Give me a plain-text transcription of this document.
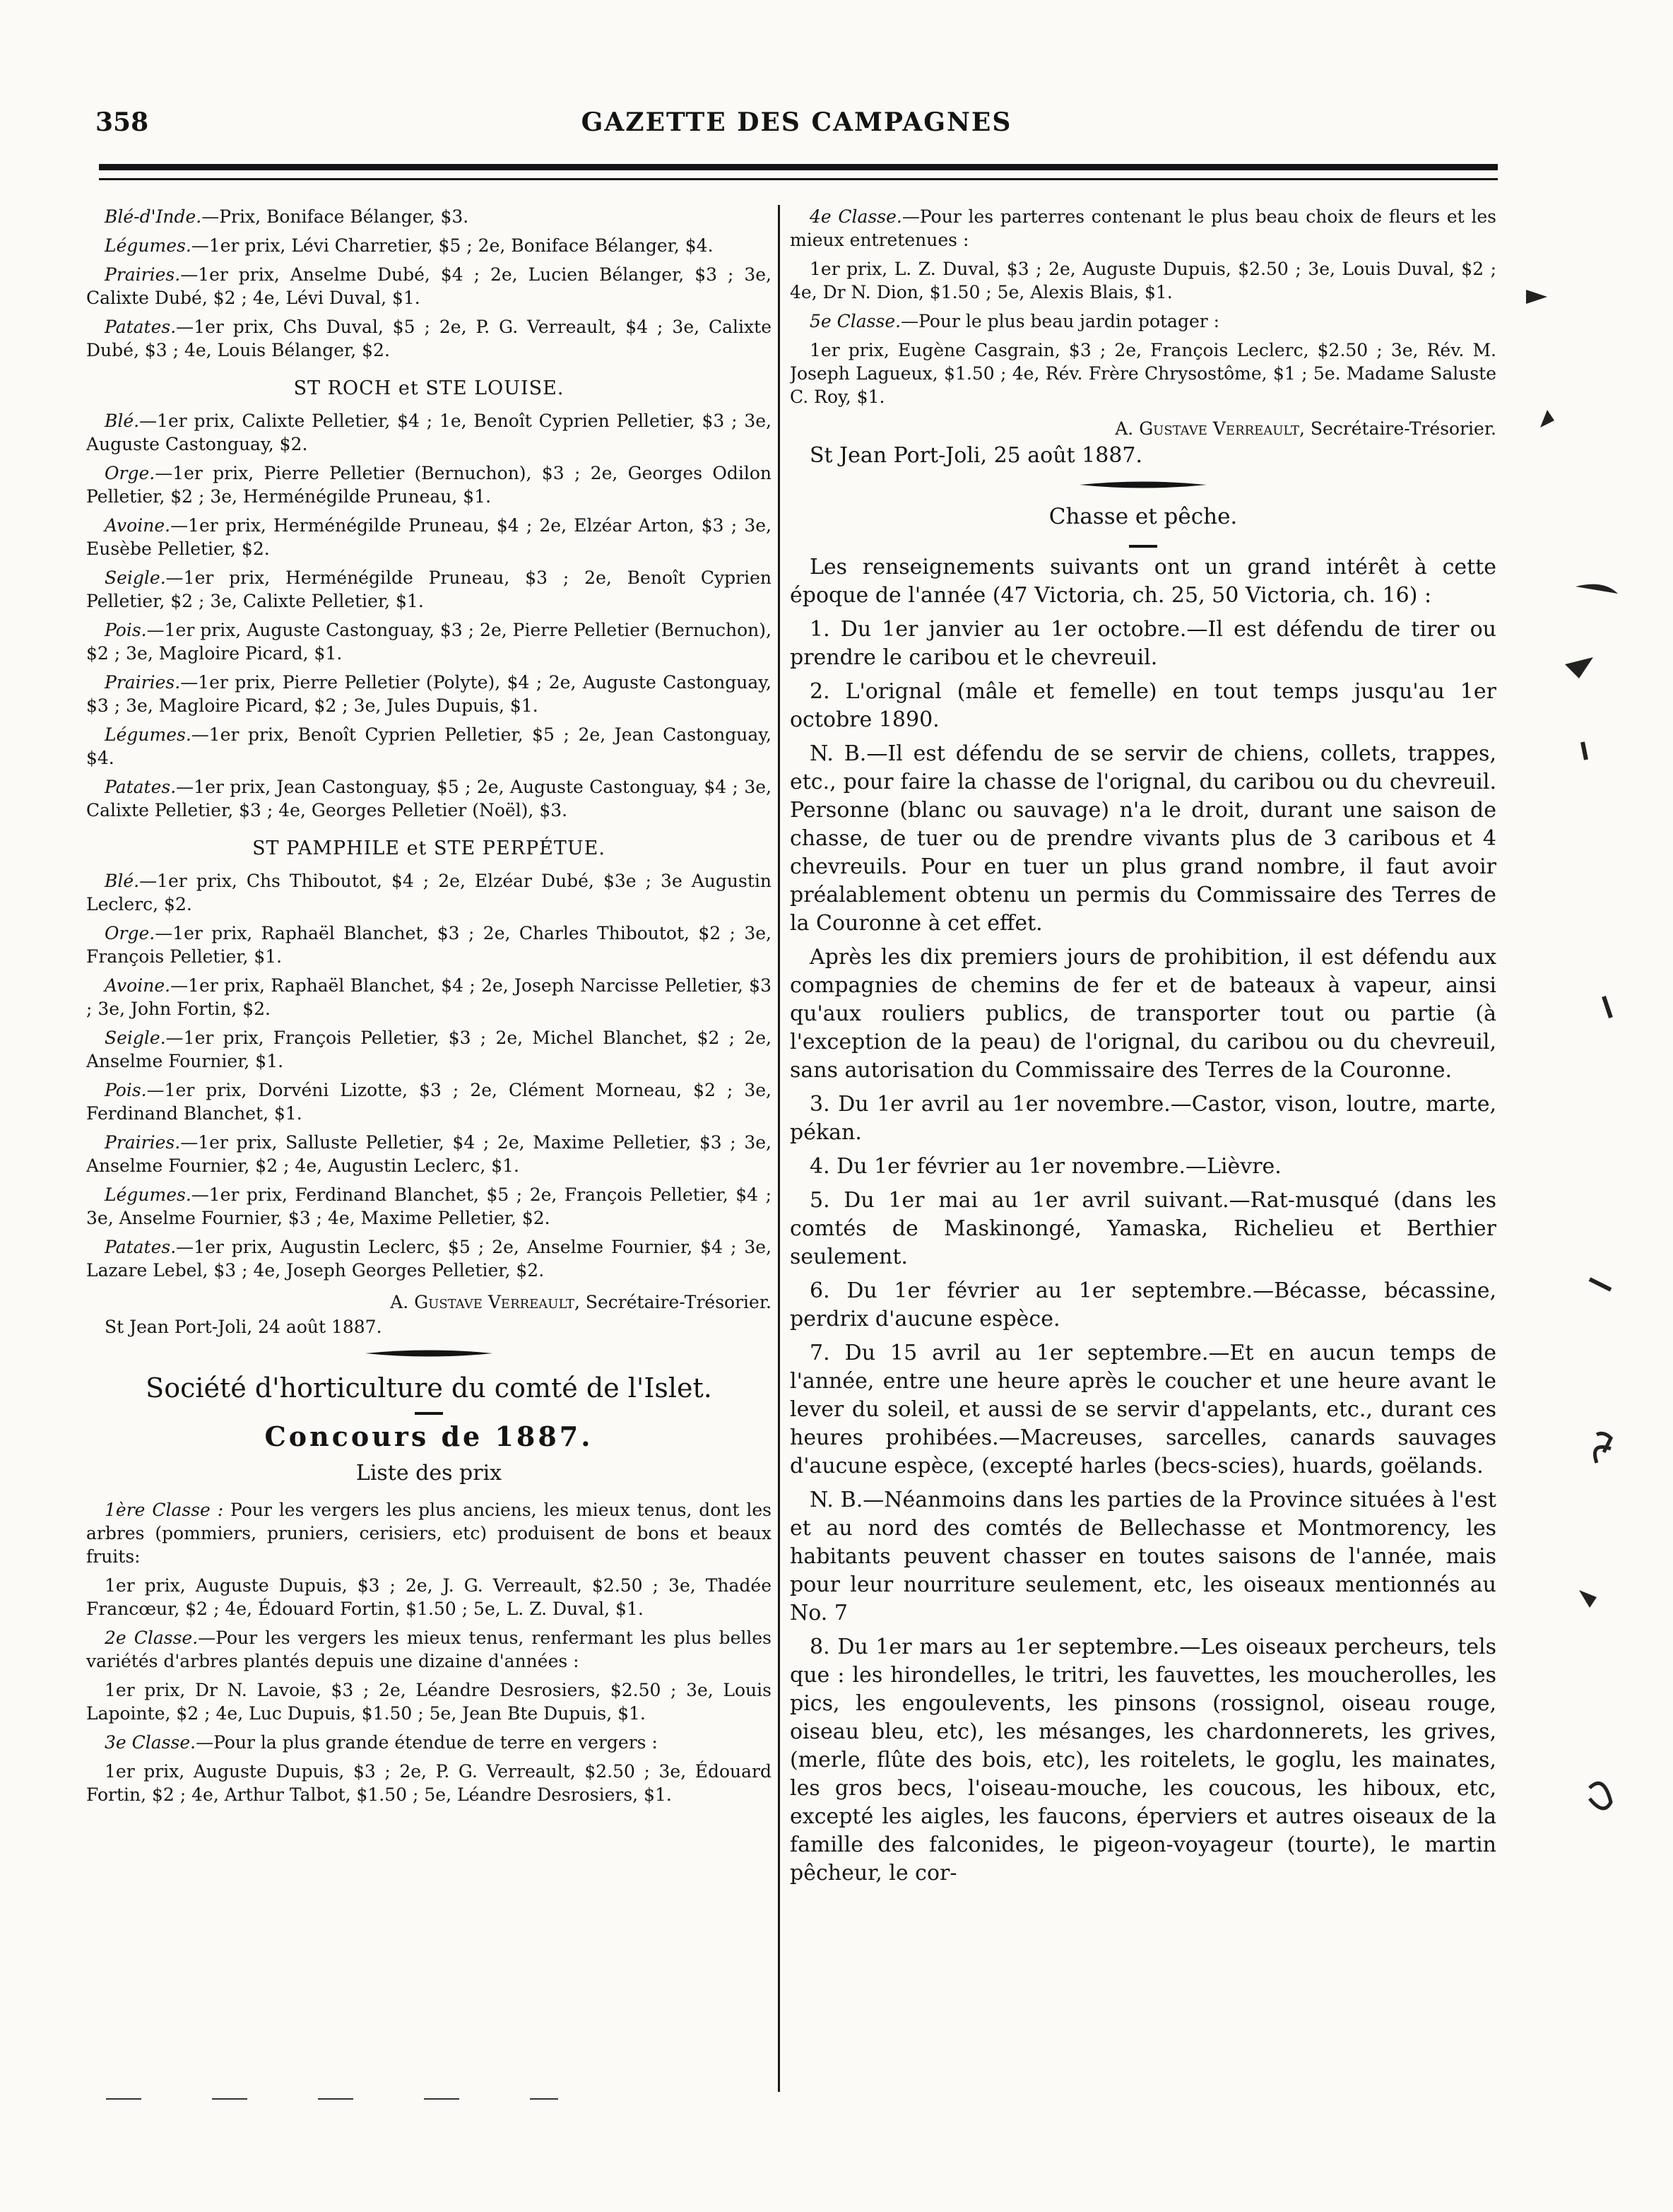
358	GAZETTE DES CAMPAGNES

Blé-d'Inde.—Prix, Boniface Bélanger, $3.

Légumes.—1er prix, Lévi Charretier, $5 ; 2e, Boniface Bélanger, $4.

Prairies.—1er prix, Anselme Dubé, $4 ; 2e, Lucien Bélanger, $3 ; 3e, Calixte Dubé, $2 ; 4e, Lévi Duval, $1.

Patates.—1er prix, Chs Duval, $5 ; 2e, P. G. Verreault, $4 ; 3e, Calixte Dubé, $3 ; 4e, Louis Bélanger, $2.

ST ROCH et STE LOUISE.

Blé.—1er prix, Calixte Pelletier, $4 ; 1e, Benoît Cyprien Pelletier, $3 ; 3e, Auguste Castonguay, $2.

Orge.—1er prix, Pierre Pelletier (Bernuchon), $3 ; 2e, Georges Odilon Pelletier, $2 ; 3e, Herménégilde Pruneau, $1.

Avoine.—1er prix, Herménégilde Pruneau, $4 ; 2e, Elzéar Arton, $3 ; 3e, Eusèbe Pelletier, $2.

Seigle.—1er prix, Herménégilde Pruneau, $3 ; 2e, Benoît Cyprien Pelletier, $2 ; 3e, Calixte Pelletier, $1.

Pois.—1er prix, Auguste Castonguay, $3 ; 2e, Pierre Pelletier (Bernuchon), $2 ; 3e, Magloire Picard, $1.

Prairies.—1er prix, Pierre Pelletier (Polyte), $4 ; 2e, Auguste Castonguay, $3 ; 3e, Magloire Picard, $2 ; 3e, Jules Dupuis, $1.

Légumes.—1er prix, Benoît Cyprien Pelletier, $5 ; 2e, Jean Castonguay, $4.

Patates.—1er prix, Jean Castonguay, $5 ; 2e, Auguste Castonguay, $4 ; 3e, Calixte Pelletier, $3 ; 4e, Georges Pelletier (Noël), $3.

ST PAMPHILE et STE PERPÉTUE.

Blé.—1er prix, Chs Thiboutot, $4 ; 2e, Elzéar Dubé, $3e ; 3e Augustin Leclerc, $2.

Orge.—1er prix, Raphaël Blanchet, $3 ; 2e, Charles Thiboutot, $2 ; 3e, François Pelletier, $1.

Avoine.—1er prix, Raphaël Blanchet, $4 ; 2e, Joseph Narcisse Pelletier, $3 ; 3e, John Fortin, $2.

Seigle.—1er prix, François Pelletier, $3 ; 2e, Michel Blanchet, $2 ; 2e, Anselme Fournier, $1.

Pois.—1er prix, Dorvéni Lizotte, $3 ; 2e, Clément Morneau, $2 ; 3e, Ferdinand Blanchet, $1.

Prairies.—1er prix, Salluste Pelletier, $4 ; 2e, Maxime Pelletier, $3 ; 3e, Anselme Fournier, $2 ; 4e, Augustin Leclerc, $1.

Légumes.—1er prix, Ferdinand Blanchet, $5 ; 2e, François Pelletier, $4 ; 3e, Anselme Fournier, $3 ; 4e, Maxime Pelletier, $2.

Patates.—1er prix, Augustin Leclerc, $5 ; 2e, Anselme Fournier, $4 ; 3e, Lazare Lebel, $3 ; 4e, Joseph Georges Pelletier, $2.

A. Gustave Verreault, Secrétaire-Trésorier.

St Jean Port-Joli, 24 août 1887.

Société d'horticulture du comté de l'Islet.
Concours de 1887.
Liste des prix

1ère Classe : Pour les vergers les plus anciens, les mieux tenus, dont les arbres (pommiers, pruniers, cerisiers, etc) produisent de bons et beaux fruits:

1er prix, Auguste Dupuis, $3 ; 2e, J. G. Verreault, $2.50 ; 3e, Thadée Francœur, $2 ; 4e, Édouard Fortin, $1.50 ; 5e, L. Z. Duval, $1.

2e Classe.—Pour les vergers les mieux tenus, renfermant les plus belles variétés d'arbres plantés depuis une dizaine d'années :

1er prix, Dr N. Lavoie, $3 ; 2e, Léandre Desrosiers, $2.50 ; 3e, Louis Lapointe, $2 ; 4e, Luc Dupuis, $1.50 ; 5e, Jean Bte Dupuis, $1.

3e Classe.—Pour la plus grande étendue de terre en vergers :

1er prix, Auguste Dupuis, $3 ; 2e, P. G. Verreault, $2.50 ; 3e, Édouard Fortin, $2 ; 4e, Arthur Talbot, $1.50 ; 5e, Léandre Desrosiers, $1.

4e Classe.—Pour les parterres contenant le plus beau choix de fleurs et les mieux entretenues :

1er prix, L. Z. Duval, $3 ; 2e, Auguste Dupuis, $2.50 ; 3e, Louis Duval, $2 ; 4e, Dr N. Dion, $1.50 ; 5e, Alexis Blais, $1.

5e Classe.—Pour le plus beau jardin potager :

1er prix, Eugène Casgrain, $3 ; 2e, François Leclerc, $2.50 ; 3e, Rév. M. Joseph Lagueux, $1.50 ; 4e, Rév. Frère Chrysostôme, $1 ; 5e. Madame Saluste C. Roy, $1.

A. Gustave Verreault, Secrétaire-Trésorier.

St Jean Port-Joli, 25 août 1887.

Chasse et pêche.

Les renseignements suivants ont un grand intérêt à cette époque de l'année (47 Victoria, ch. 25, 50 Victoria, ch. 16) :

1. Du 1er janvier au 1er octobre.—Il est défendu de tirer ou prendre le caribou et le chevreuil.

2. L'orignal (mâle et femelle) en tout temps jusqu'au 1er octobre 1890.

N. B.—Il est défendu de se servir de chiens, collets, trappes, etc., pour faire la chasse de l'orignal, du caribou ou du chevreuil. Personne (blanc ou sauvage) n'a le droit, durant une saison de chasse, de tuer ou de prendre vivants plus de 3 caribous et 4 chevreuils. Pour en tuer un plus grand nombre, il faut avoir préalablement obtenu un permis du Commissaire des Terres de la Couronne à cet effet.

Après les dix premiers jours de prohibition, il est défendu aux compagnies de chemins de fer et de bateaux à vapeur, ainsi qu'aux rouliers publics, de transporter tout ou partie (à l'exception de la peau) de l'orignal, du caribou ou du chevreuil, sans autorisation du Commissaire des Terres de la Couronne.

3. Du 1er avril au 1er novembre.—Castor, vison, loutre, marte, pékan.

4. Du 1er février au 1er novembre.—Lièvre.

5. Du 1er mai au 1er avril suivant.—Rat-musqué (dans les comtés de Maskinongé, Yamaska, Richelieu et Berthier seulement.

6. Du 1er février au 1er septembre.—Bécasse, bécassine, perdrix d'aucune espèce.

7. Du 15 avril au 1er septembre.—Et en aucun temps de l'année, entre une heure après le coucher et une heure avant le lever du soleil, et aussi de se servir d'appelants, etc., durant ces heures prohibées.—Macreuses, sarcelles, canards sauvages d'aucune espèce, (excepté harles (becs-scies), huards, goëlands.

N. B.—Néanmoins dans les parties de la Province situées à l'est et au nord des comtés de Bellechasse et Montmorency, les habitants peuvent chasser en toutes saisons de l'année, mais pour leur nourriture seulement, etc, les oiseaux mentionnés au No. 7

8. Du 1er mars au 1er septembre.—Les oiseaux percheurs, tels que : les hirondelles, le tritri, les fauvettes, les moucherolles, les pics, les engoulevents, les pinsons (rossignol, oiseau rouge, oiseau bleu, etc), les mésanges, les chardonnerets, les grives, (merle, flûte des bois, etc), les roitelets, le goglu, les mainates, les gros becs, l'oiseau-mouche, les coucous, les hiboux, etc, excepté les aigles, les faucons, éperviers et autres oiseaux de la famille des falconides, le pigeon-voyageur (tourte), le martin pêcheur, le cor-
